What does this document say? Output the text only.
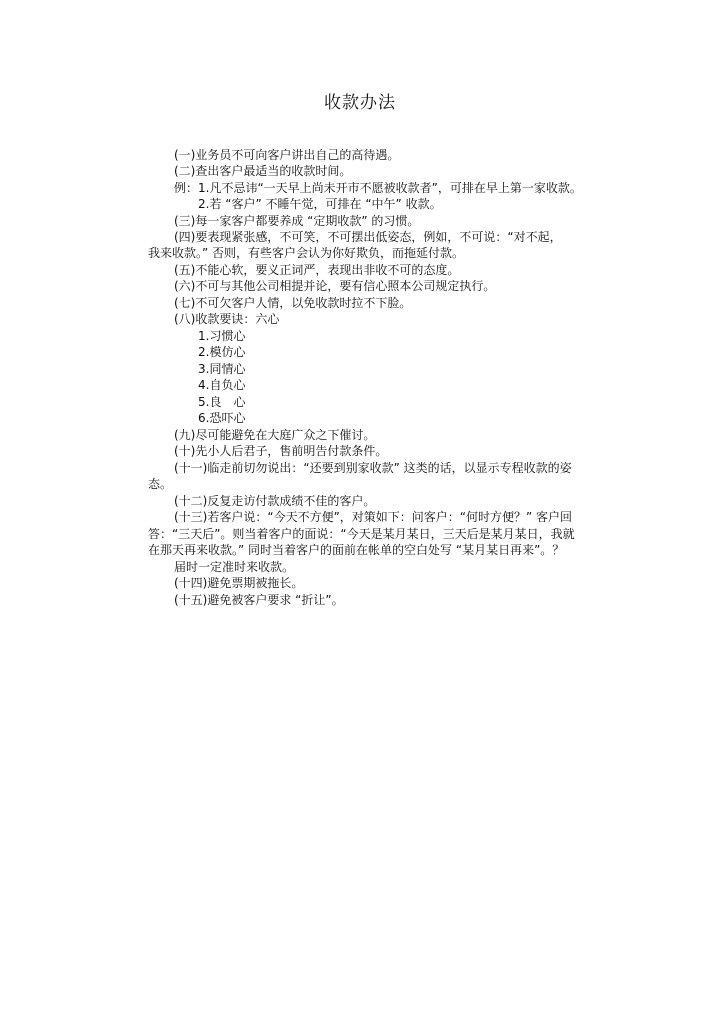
收款办法
(一)业务员不可向客户讲出自己的高待遇。
(二)查出客户最适当的收款时间。
例：1.凡不忌讳“一天早上尚未开市不愿被收款者”，可排在早上第一家收款。
2.若 “客户” 不睡午觉，可排在 “中午” 收款。
(三)每一家客户都要养成 “定期收款” 的习惯。
(四)要表现紧张感，不可笑，不可摆出低姿态，例如，不可说：“对不起，
我来收款。” 否则，有些客户会认为你好欺负，而拖延付款。
(五)不能心软，要义正词严，表现出非收不可的态度。
(六)不可与其他公司相提并论，要有信心照本公司规定执行。
(七)不可欠客户人情，以免收款时拉不下脸。
(八)收款要诀：六心
1.习惯心
2.模仿心
3.同情心
4.自负心
5.良　心
6.恐吓心
(九)尽可能避免在大庭广众之下催讨。
(十)先小人后君子，售前明告付款条件。
(十一)临走前切勿说出：“还要到别家收款” 这类的话，以显示专程收款的姿
态。
(十二)反复走访付款成绩不佳的客户。
(十三)若客户说：“今天不方便”，对策如下：问客户：“何时方便？” 客户回
答：“三天后”。则当着客户的面说：“今天是某月某日，三天后是某月某日，我就
在那天再来收款。” 同时当着客户的面前在帐单的空白处写 “某月某日再来”。？
届时一定准时来收款。
(十四)避免票期被拖长。
(十五)避免被客户要求 “折让”。
